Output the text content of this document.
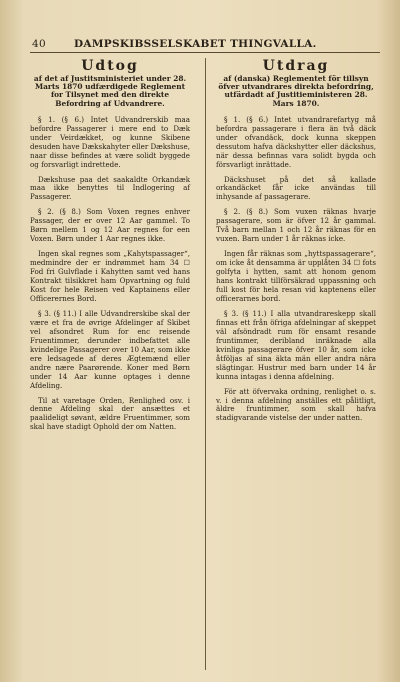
40	DAMPSKIBSSELSKABET THINGVALLA.
Udtog
af det af Justitsministeriet under 28. Marts 1870 udfærdigede Reglement for Tilsynet med den direkte Befordring af Udvandrere.

§ 1. (§ 6.) Intet Udvandrerskib maa befordre Passagerer i mere end to Dæk under Veirdækket, og kunne Skibene desuden have Dækskahyter eller Dækshuse, naar disse befindes at være solidt byggede og forsvarligt indrettede.

Dækshuse paa det saakaldte Orkandæk maa ikke benyttes til Indlogering af Passagerer.

§ 2. (§ 8.) Som Voxen regnes enhver Passager, der er over 12 Aar gammel. To Børn mellem 1 og 12 Aar regnes for een Voxen. Børn under 1 Aar regnes ikke.

Ingen skal regnes som „Kahytspassager“, medmindre der er indrømmet ham 34 ☐ Fod fri Gulvflade i Kahytten samt ved hans Kontrakt tilsikkret ham Opvartning og fuld Kost for hele Reisen ved Kaptainens eller Officerernes Bord.

§ 3. (§ 11.) I alle Udvandrerskibe skal der være et fra de øvrige Afdelinger af Skibet vel afsondret Rum for enc reisende Fruentimmer, derunder indbefattet alle kvindelige Passagerer over 10 Aar, som ikke ere ledsagede af deres Ægtemænd eller andre nære Paarørende. Koner med Børn under 14 Aar kunne optages i denne Afdeling.

Til at varetage Orden, Renlighed osv. i denne Afdeling skal der ansættes et paalideligt søvant, ældre Fruentimmer, som skal have stadigt Ophold der om Natten.

Utdrag
af (danska) Reglementet för tillsyn öfver utvandrares direkta befordring, utfärdadt af Justitieministeren 28. Mars 1870.

§ 1. (§ 6.) Intet utvandrarefartyg må befordra passagerare i flera än två däck under ofvandäck, dock kunna skeppen dessutom hafva däckshytter eller däckshus, när dessa befinnas vara solidt bygda och försvarligt inrättade.

Däckshuset på det så kallade orkandäcket får icke användas till inhysande af passagerare.

§ 2. (§ 8.) Som vuxen räknas hvarje passagerare, som är öfver 12 år gammal. Två barn mellan 1 och 12 år räknas för en vuxen. Barn under 1 år räknas icke.

Ingen får räknas som „hyttspassagerare“, om icke åt densamma är upplåten 34 ☐ fots golfyta i hytten, samt att honom genom hans kontrakt tillförsäkrad uppassning och full kost för hela resan vid kaptenens eller officerarnes bord.

§ 3. (§ 11.) I alla utvandrareskepp skall finnas ett från öfriga afdelningar af skeppet väl afsöndradt rum för ensamt resande fruntimmer, deribland inräknade alla kvinliga passagerare öfver 10 år, som icke åtföljas af sina äkta män eller andra nära slägtingar. Hustrur med barn under 14 år kunna intagas i denna afdelning.

För att öfvervaka ordning, renlighet o. s. v. i denna afdelning anställes ett pålitligt, äldre fruntimmer, som skall hafva stadigvarande vistelse der under natten.
